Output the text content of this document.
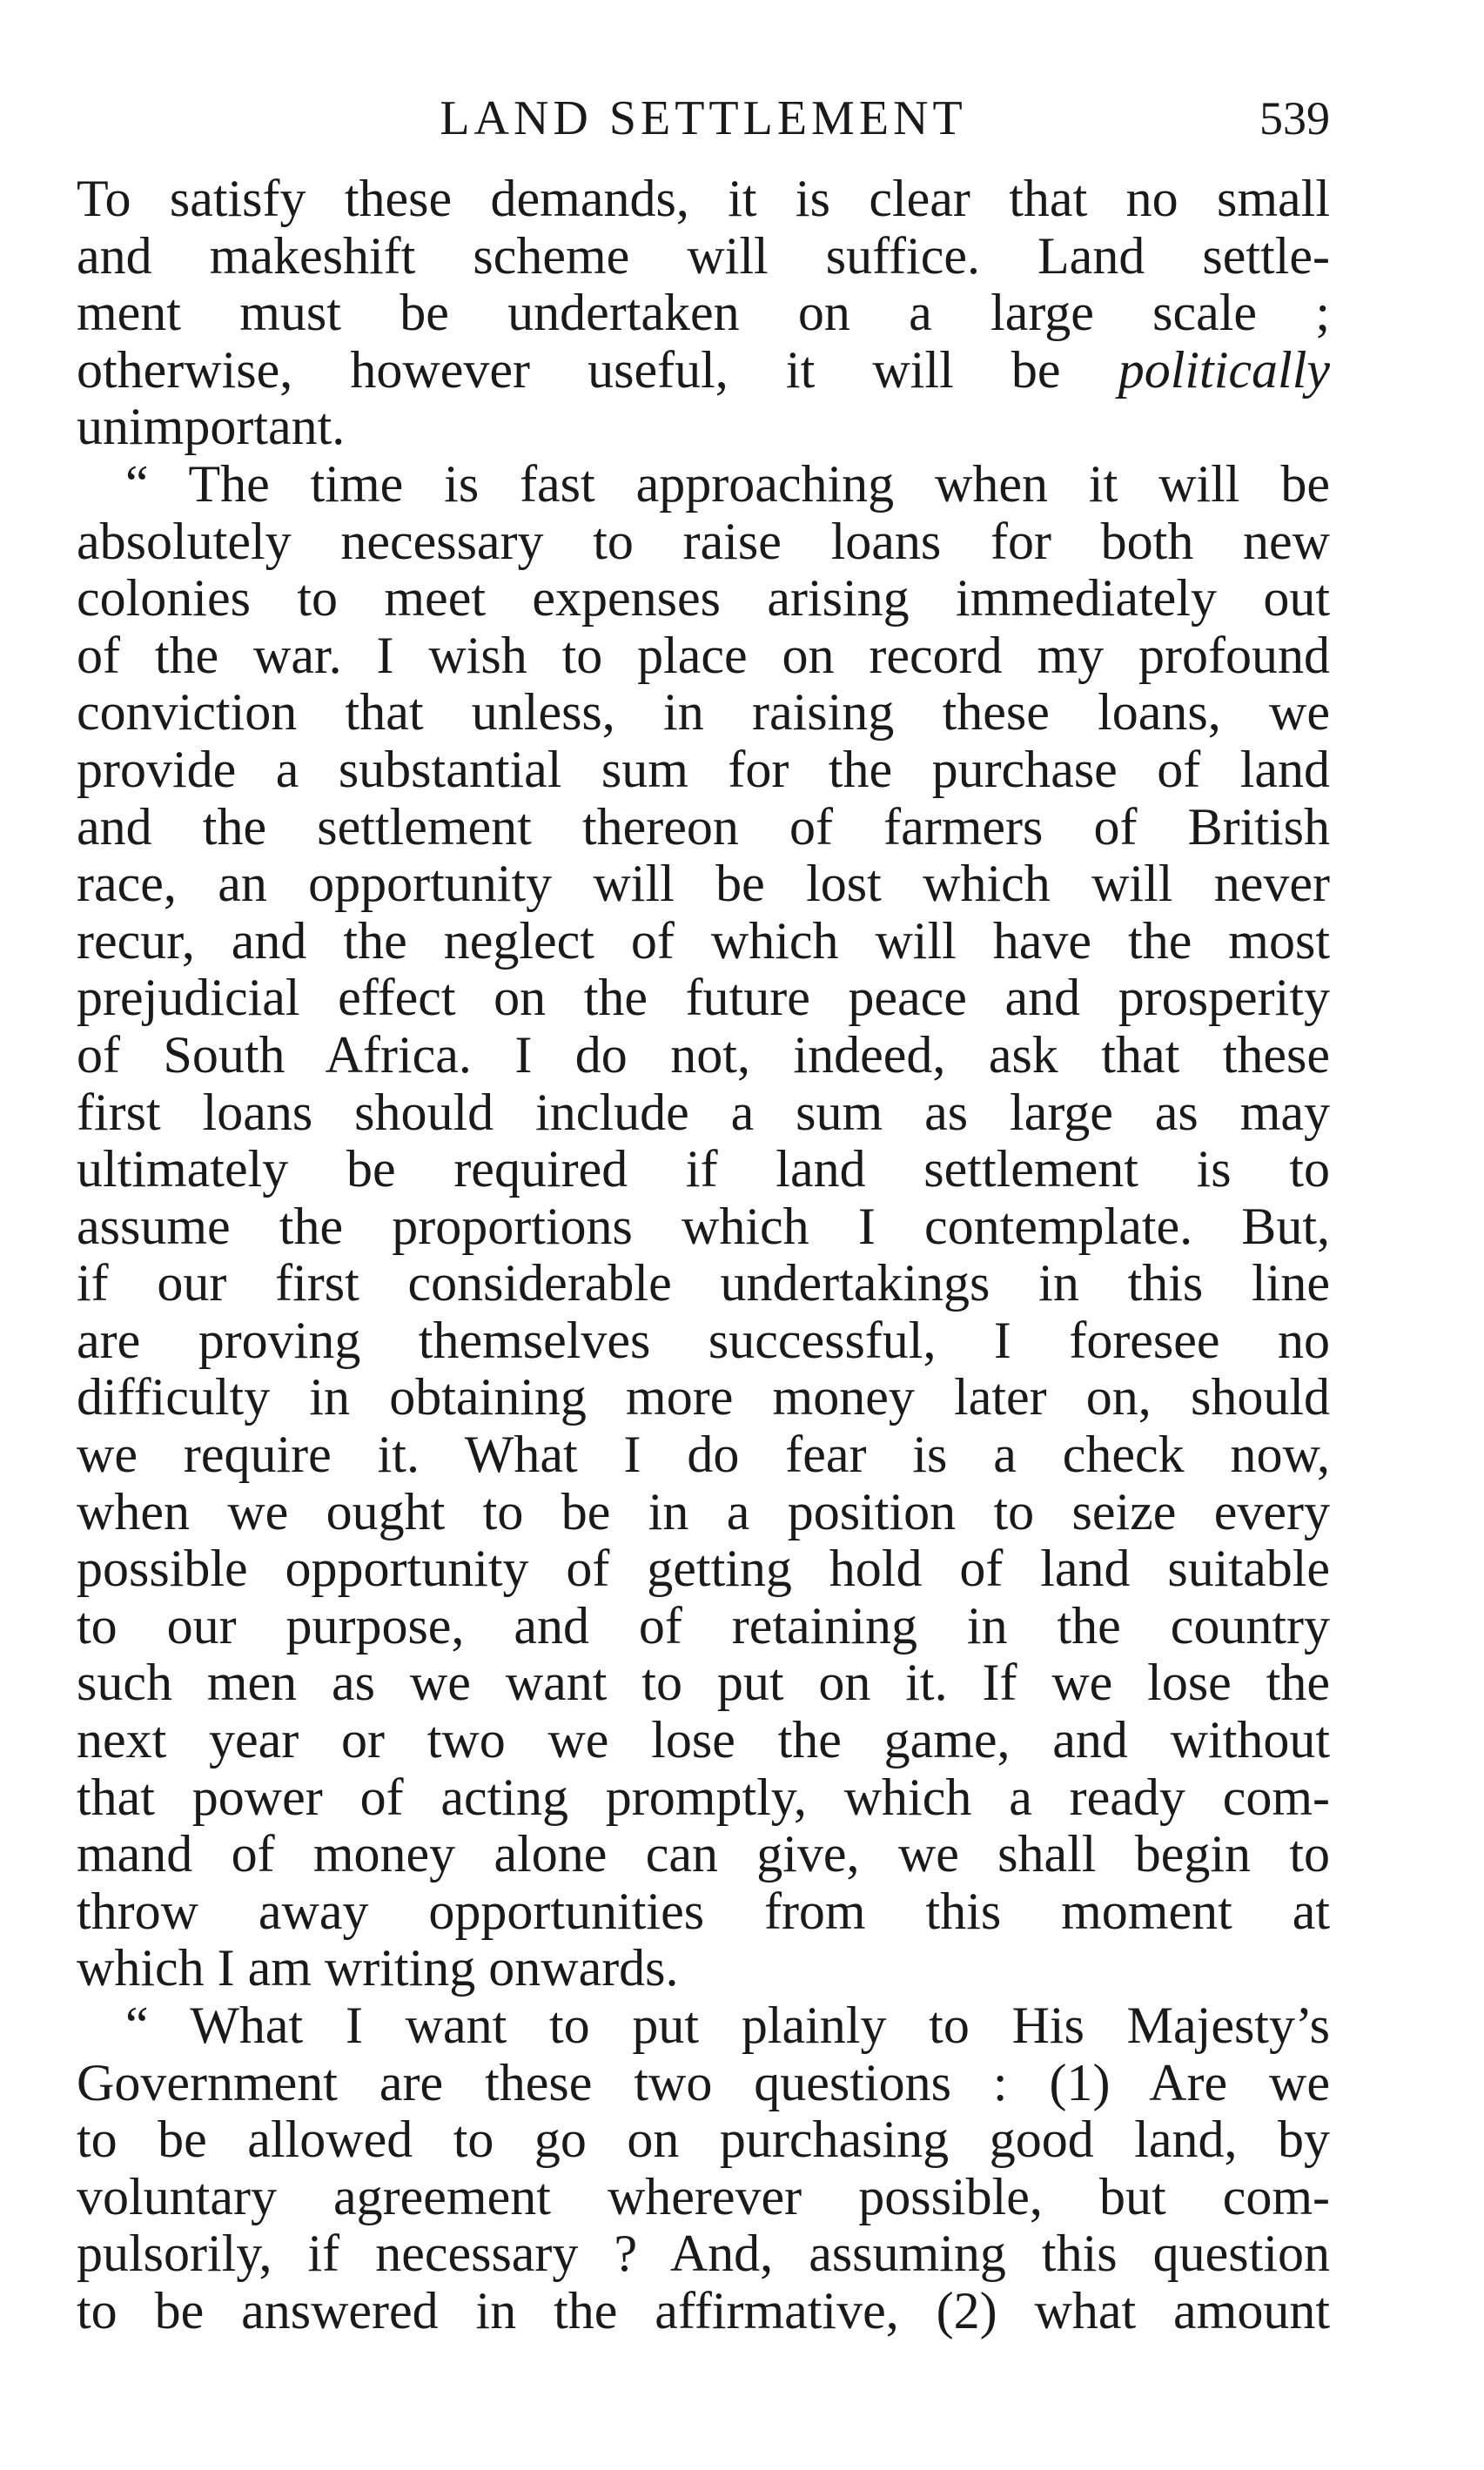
LAND SETTLEMENT	539
To satisfy these demands, it is clear that no small
and makeshift scheme will suffice. Land settle-
ment must be undertaken on a large scale ;
otherwise, however useful, it will be politically
unimportant.
“ The time is fast approaching when it will be
absolutely necessary to raise loans for both new
colonies to meet expenses arising immediately out
of the war. I wish to place on record my profound
conviction that unless, in raising these loans, we
provide a substantial sum for the purchase of land
and the settlement thereon of farmers of British
race, an opportunity will be lost which will never
recur, and the neglect of which will have the most
prejudicial effect on the future peace and prosperity
of South Africa. I do not, indeed, ask that these
first loans should include a sum as large as may
ultimately be required if land settlement is to
assume the proportions which I contemplate. But,
if our first considerable undertakings in this line
are proving themselves successful, I foresee no
difficulty in obtaining more money later on, should
we require it. What I do fear is a check now,
when we ought to be in a position to seize every
possible opportunity of getting hold of land suitable
to our purpose, and of retaining in the country
such men as we want to put on it. If we lose the
next year or two we lose the game, and without
that power of acting promptly, which a ready com-
mand of money alone can give, we shall begin to
throw away opportunities from this moment at
which I am writing onwards.
“ What I want to put plainly to His Majesty’s
Government are these two questions : (1) Are we
to be allowed to go on purchasing good land, by
voluntary agreement wherever possible, but com-
pulsorily, if necessary ? And, assuming this question
to be answered in the affirmative, (2) what amount
